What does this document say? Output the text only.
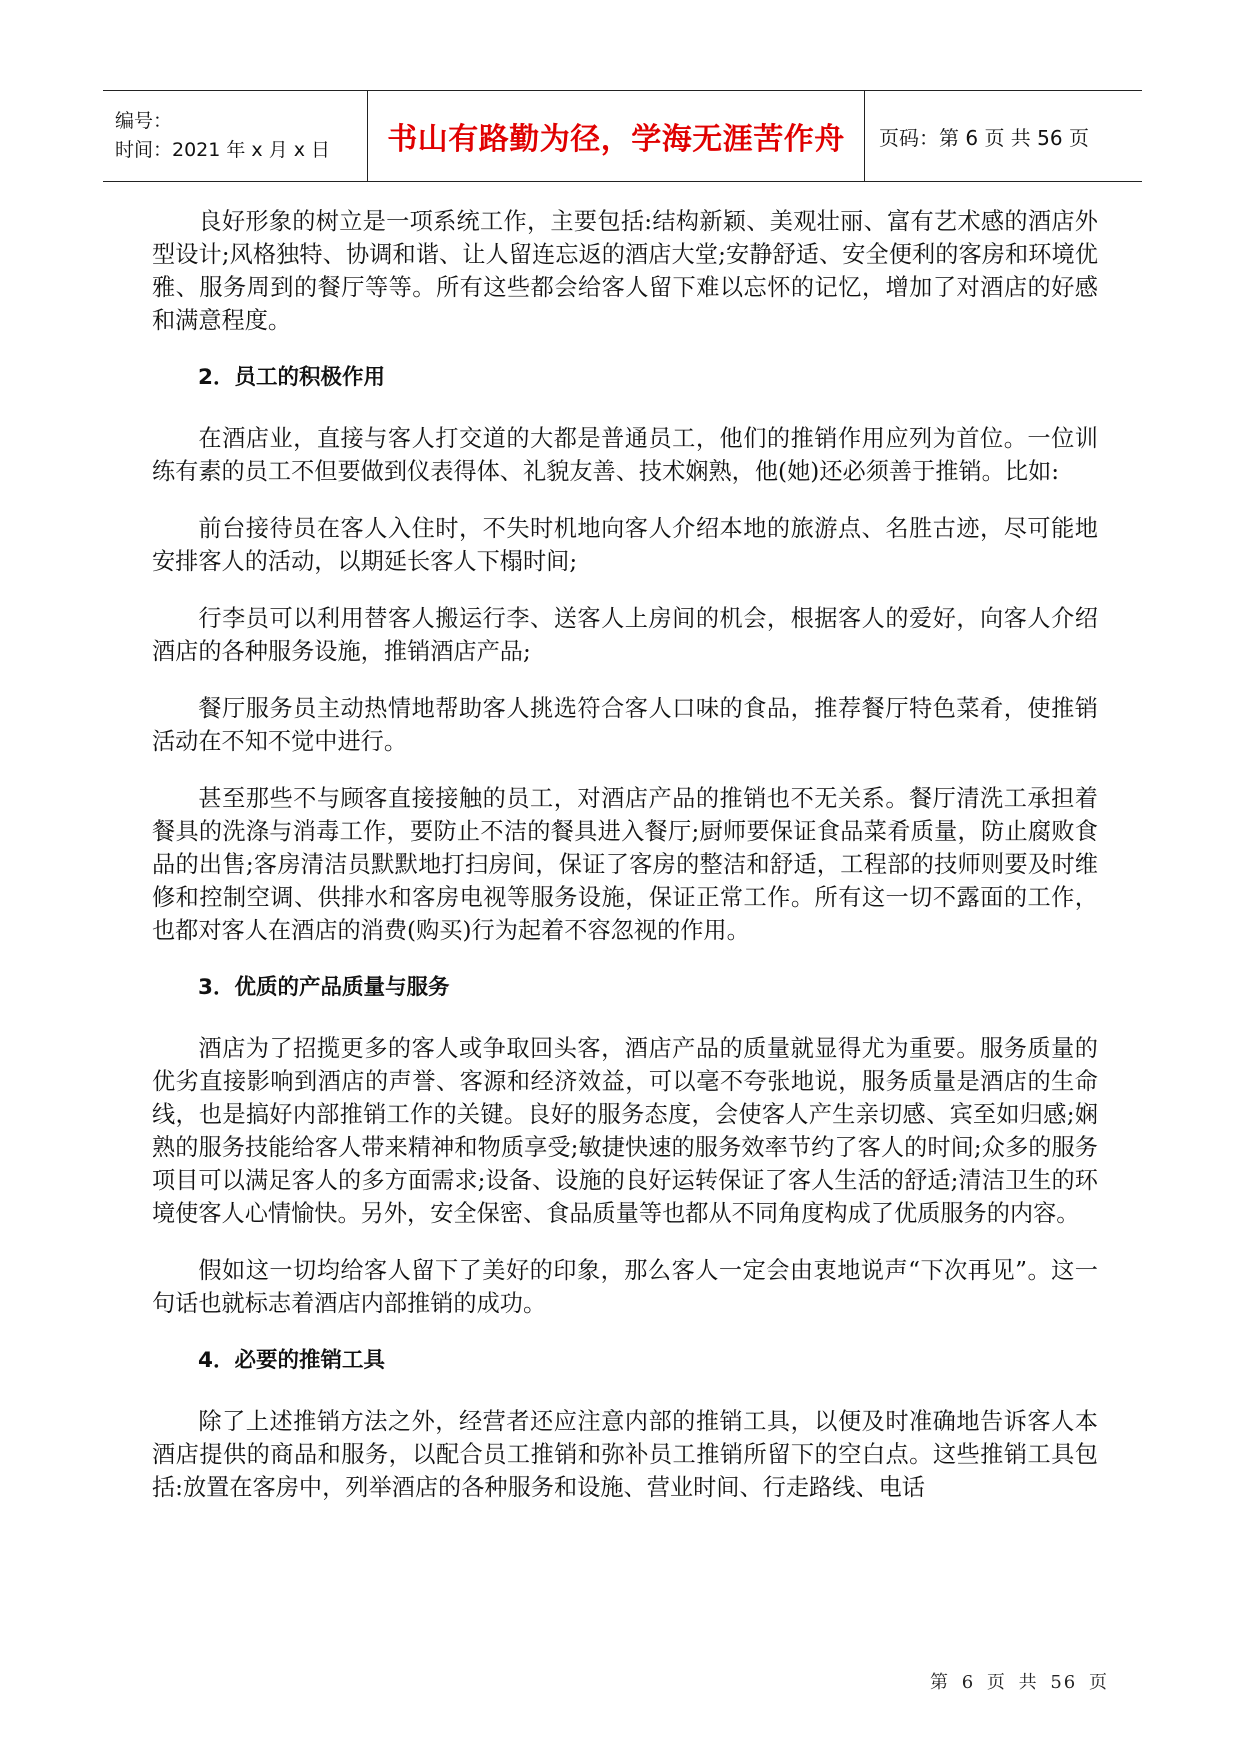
编号：
时间：2021 年 x 月 x 日	书山有路勤为径，学海无涯苦作舟	页码：第 6 页 共 56 页

良好形象的树立是一项系统工作，主要包括:结构新颖、美观壮丽、富有艺术感的酒店外型设计;风格独特、协调和谐、让人留连忘返的酒店大堂;安静舒适、安全便利的客房和环境优雅、服务周到的餐厅等等。所有这些都会给客人留下难以忘怀的记忆，增加了对酒店的好感和满意程度。

2．员工的积极作用

在酒店业，直接与客人打交道的大都是普通员工，他们的推销作用应列为首位。一位训练有素的员工不但要做到仪表得体、礼貌友善、技术娴熟，他(她)还必须善于推销。比如:

前台接待员在客人入住时，不失时机地向客人介绍本地的旅游点、名胜古迹，尽可能地安排客人的活动，以期延长客人下榻时间;

行李员可以利用替客人搬运行李、送客人上房间的机会，根据客人的爱好，向客人介绍酒店的各种服务设施，推销酒店产品;

餐厅服务员主动热情地帮助客人挑选符合客人口味的食品，推荐餐厅特色菜肴，使推销活动在不知不觉中进行。

甚至那些不与顾客直接接触的员工，对酒店产品的推销也不无关系。餐厅清洗工承担着餐具的洗涤与消毒工作，要防止不洁的餐具进入餐厅;厨师要保证食品菜肴质量，防止腐败食品的出售;客房清洁员默默地打扫房间，保证了客房的整洁和舒适，工程部的技师则要及时维修和控制空调、供排水和客房电视等服务设施，保证正常工作。所有这一切不露面的工作，也都对客人在酒店的消费(购买)行为起着不容忽视的作用。

3．优质的产品质量与服务

酒店为了招揽更多的客人或争取回头客，酒店产品的质量就显得尤为重要。服务质量的优劣直接影响到酒店的声誉、客源和经济效益，可以毫不夸张地说，服务质量是酒店的生命线，也是搞好内部推销工作的关键。良好的服务态度，会使客人产生亲切感、宾至如归感;娴熟的服务技能给客人带来精神和物质享受;敏捷快速的服务效率节约了客人的时间;众多的服务项目可以满足客人的多方面需求;设备、设施的良好运转保证了客人生活的舒适;清洁卫生的环境使客人心情愉快。另外，安全保密、食品质量等也都从不同角度构成了优质服务的内容。

假如这一切均给客人留下了美好的印象，那么客人一定会由衷地说声“下次再见”。这一句话也就标志着酒店内部推销的成功。

4．必要的推销工具

除了上述推销方法之外，经营者还应注意内部的推销工具，以便及时准确地告诉客人本酒店提供的商品和服务，以配合员工推销和弥补员工推销所留下的空白点。这些推销工具包括:放置在客房中，列举酒店的各种服务和设施、营业时间、行走路线、电话

第 6 页 共 56 页
